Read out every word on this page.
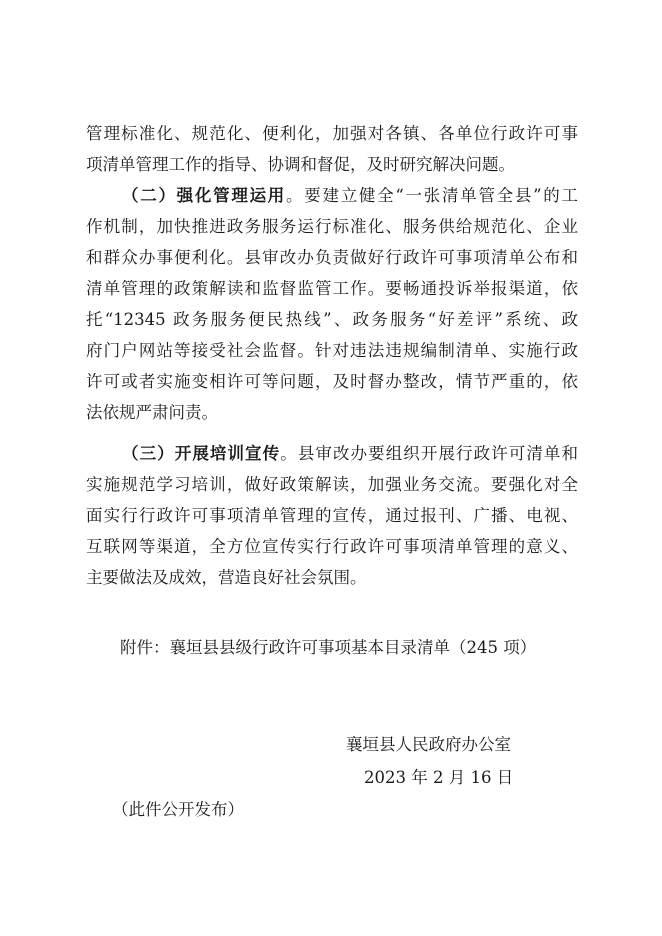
管理标准化、规范化、便利化，加强对各镇、各单位行政许可事
项清单管理工作的指导、协调和督促，及时研究解决问题。
（二）强化管理运用。要建立健全“一张清单管全县”的工
作机制，加快推进政务服务运行标准化、服务供给规范化、企业
和群众办事便利化。县审改办负责做好行政许可事项清单公布和
清单管理的政策解读和监督监管工作。要畅通投诉举报渠道，依
托“12345 政务服务便民热线”、政务服务“好差评”系统、政
府门户网站等接受社会监督。针对违法违规编制清单、实施行政
许可或者实施变相许可等问题，及时督办整改，情节严重的，依
法依规严肃问责。
（三）开展培训宣传。县审改办要组织开展行政许可清单和
实施规范学习培训，做好政策解读，加强业务交流。要强化对全
面实行行政许可事项清单管理的宣传，通过报刊、广播、电视、
互联网等渠道，全方位宣传实行行政许可事项清单管理的意义、
主要做法及成效，营造良好社会氛围。
附件：襄垣县县级行政许可事项基本目录清单（245 项）
襄垣县人民政府办公室
2023 年 2 月 16 日
（此件公开发布）
